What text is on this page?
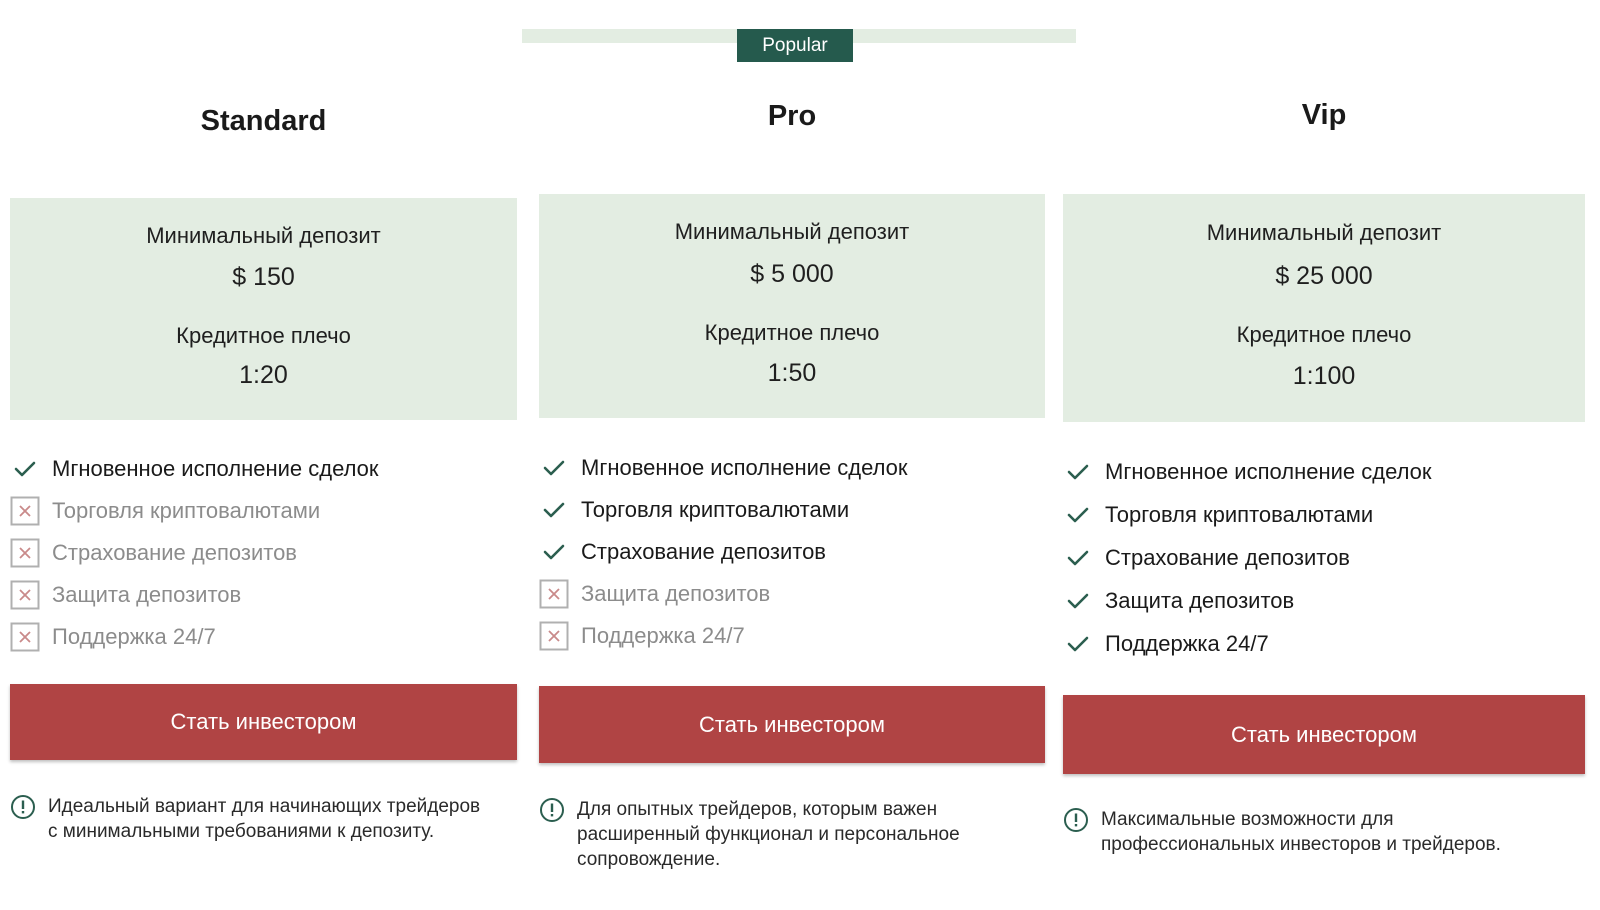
Popular
Standard
Минимальный депозит
$ 150
Кредитное плечо
1:20
Мгновенное исполнение сделок
Торговля криптовалютами
Страхование депозитов
Защита депозитов
Поддержка 24/7
Стать инвестором
Идеальный вариант для начинающих трейдеров
с минимальными требованиями к депозиту.
Pro
Минимальный депозит
$ 5 000
Кредитное плечо
1:50
Мгновенное исполнение сделок
Торговля криптовалютами
Страхование депозитов
Защита депозитов
Поддержка 24/7
Стать инвестором
Для опытных трейдеров, которым важен
расширенный функционал и персональное
сопровождение.
Vip
Минимальный депозит
$ 25 000
Кредитное плечо
1:100
Мгновенное исполнение сделок
Торговля криптовалютами
Страхование депозитов
Защита депозитов
Поддержка 24/7
Стать инвестором
Максимальные возможности для
профессиональных инвесторов и трейдеров.
